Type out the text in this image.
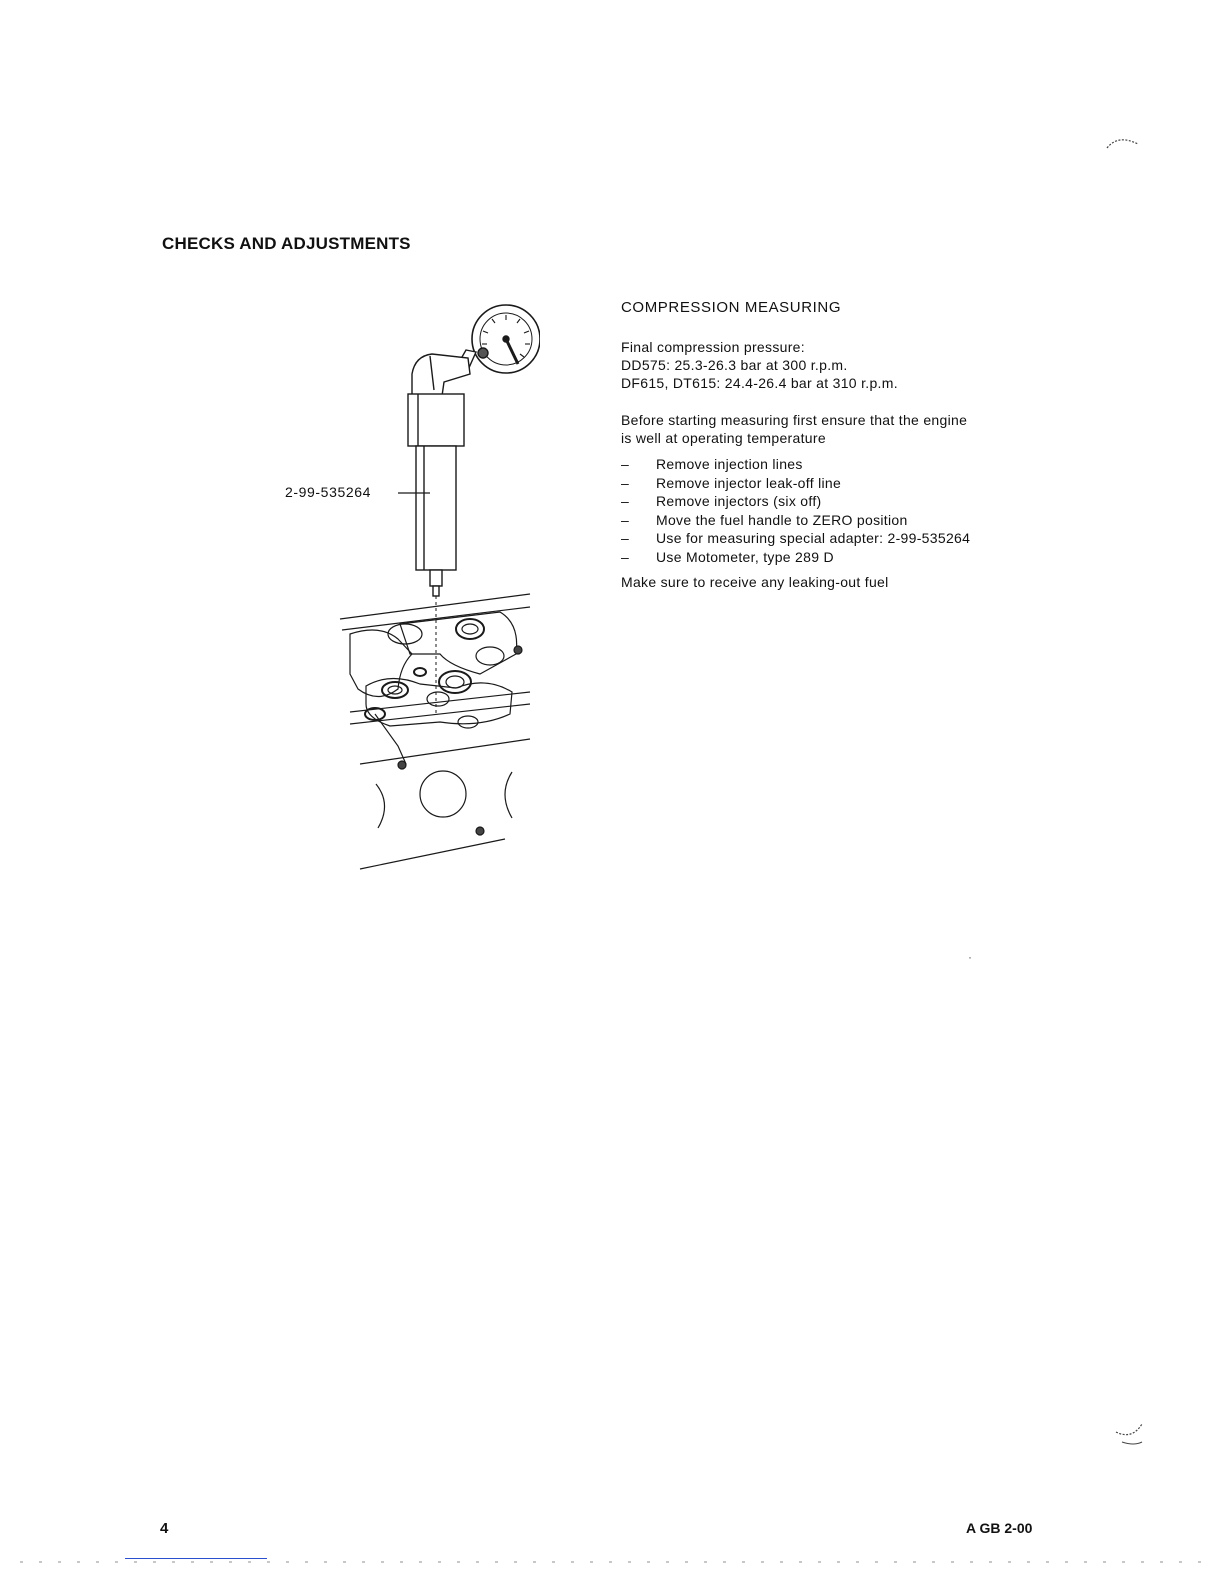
CHECKS AND ADJUSTMENTS
2-99-535264
COMPRESSION MEASURING
Final compression pressure:
DD575: 25.3-26.3 bar at 300 r.p.m.
DF615, DT615: 24.4-26.4 bar at 310 r.p.m.
Before starting measuring first ensure that the engine
is well at operating temperature
–	Remove injection lines
–	Remove injector leak-off line
–	Remove injectors (six off)
–	Move the fuel handle to ZERO position
–	Use for measuring special adapter: 2-99-535264
–	Use Motometer, type 289 D
Make sure to receive any leaking-out fuel
·
4	A GB 2-00
